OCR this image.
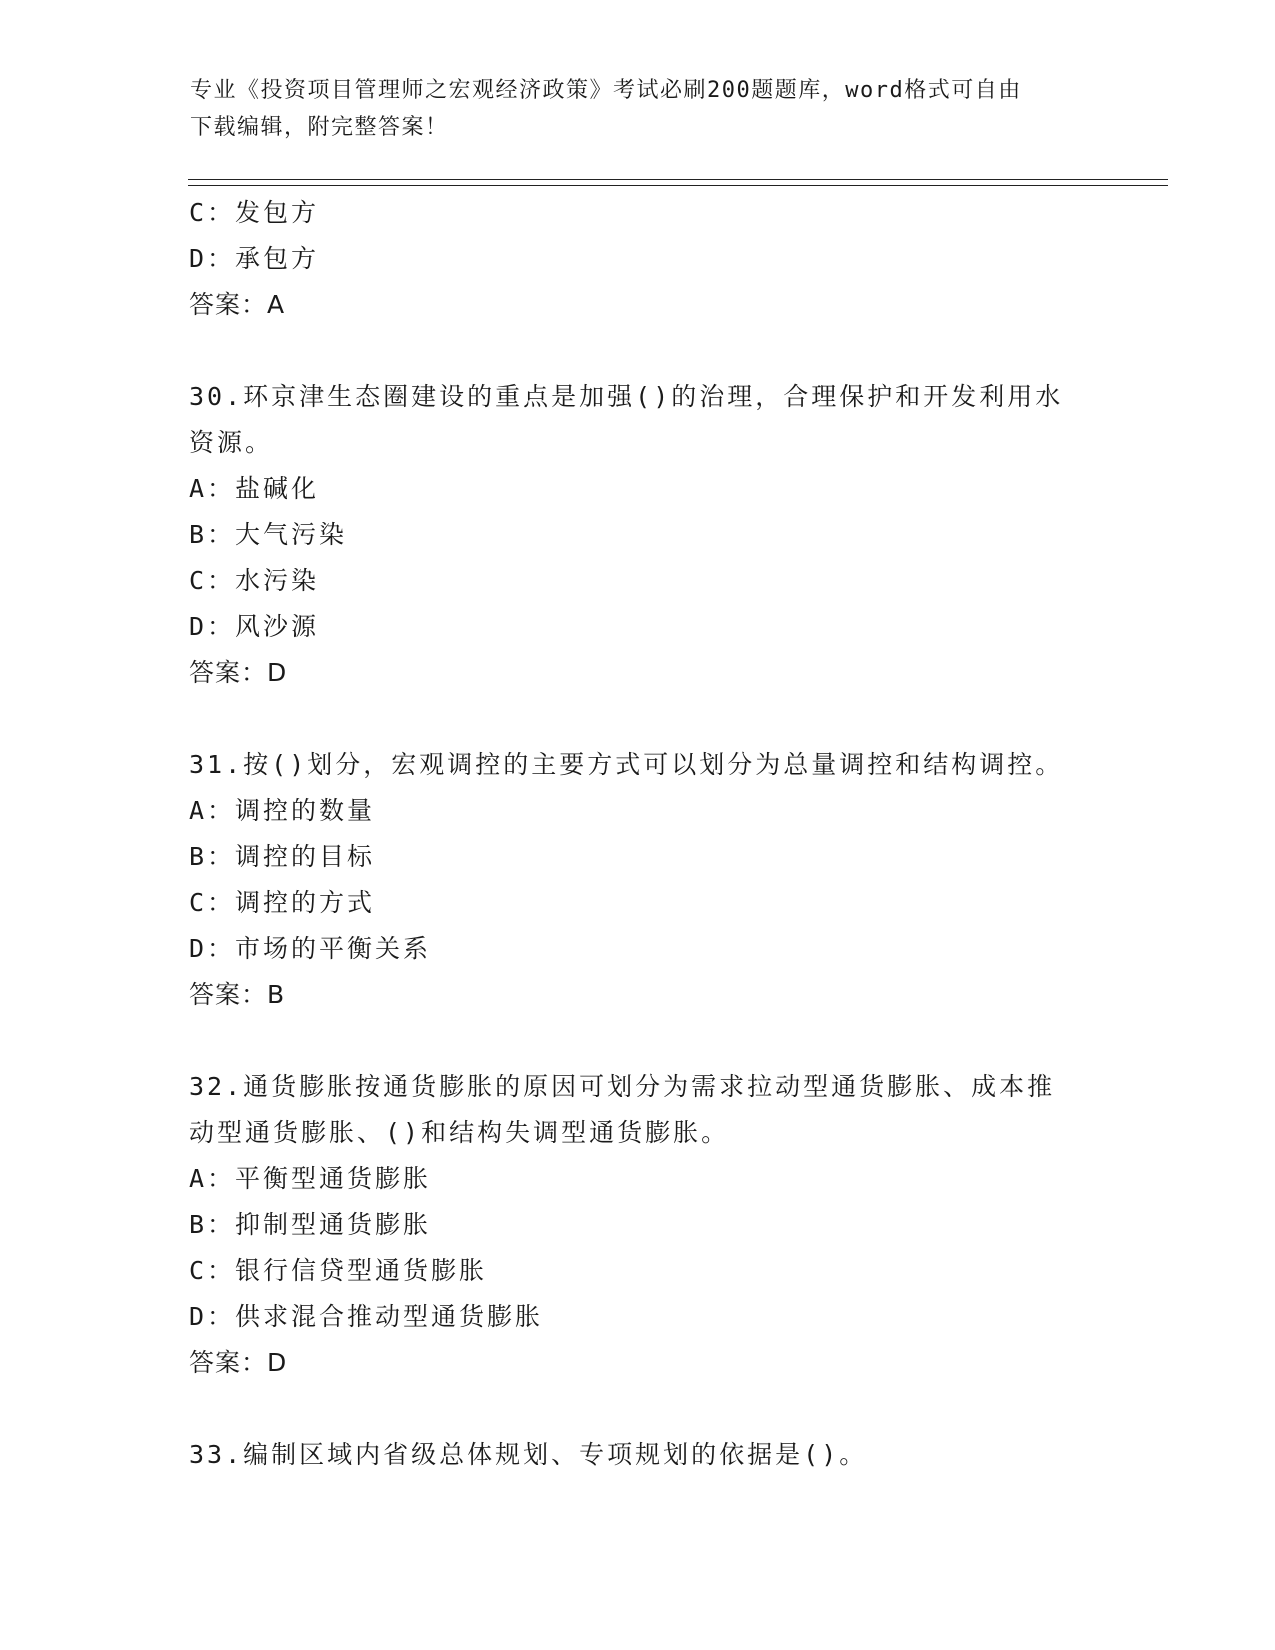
专业《投资项目管理师之宏观经济政策》考试必刷200题题库，word格式可自由
下载编辑，附完整答案！
C：发包方
D：承包方
答案：A
30.环京津生态圈建设的重点是加强()的治理，合理保护和开发利用水
资源。
A：盐碱化
B：大气污染
C：水污染
D：风沙源
答案：D
31.按()划分，宏观调控的主要方式可以划分为总量调控和结构调控。
A：调控的数量
B：调控的目标
C：调控的方式
D：市场的平衡关系
答案：B
32.通货膨胀按通货膨胀的原因可划分为需求拉动型通货膨胀、成本推
动型通货膨胀、()和结构失调型通货膨胀。
A：平衡型通货膨胀
B：抑制型通货膨胀
C：银行信贷型通货膨胀
D：供求混合推动型通货膨胀
答案：D
33.编制区域内省级总体规划、专项规划的依据是()。
